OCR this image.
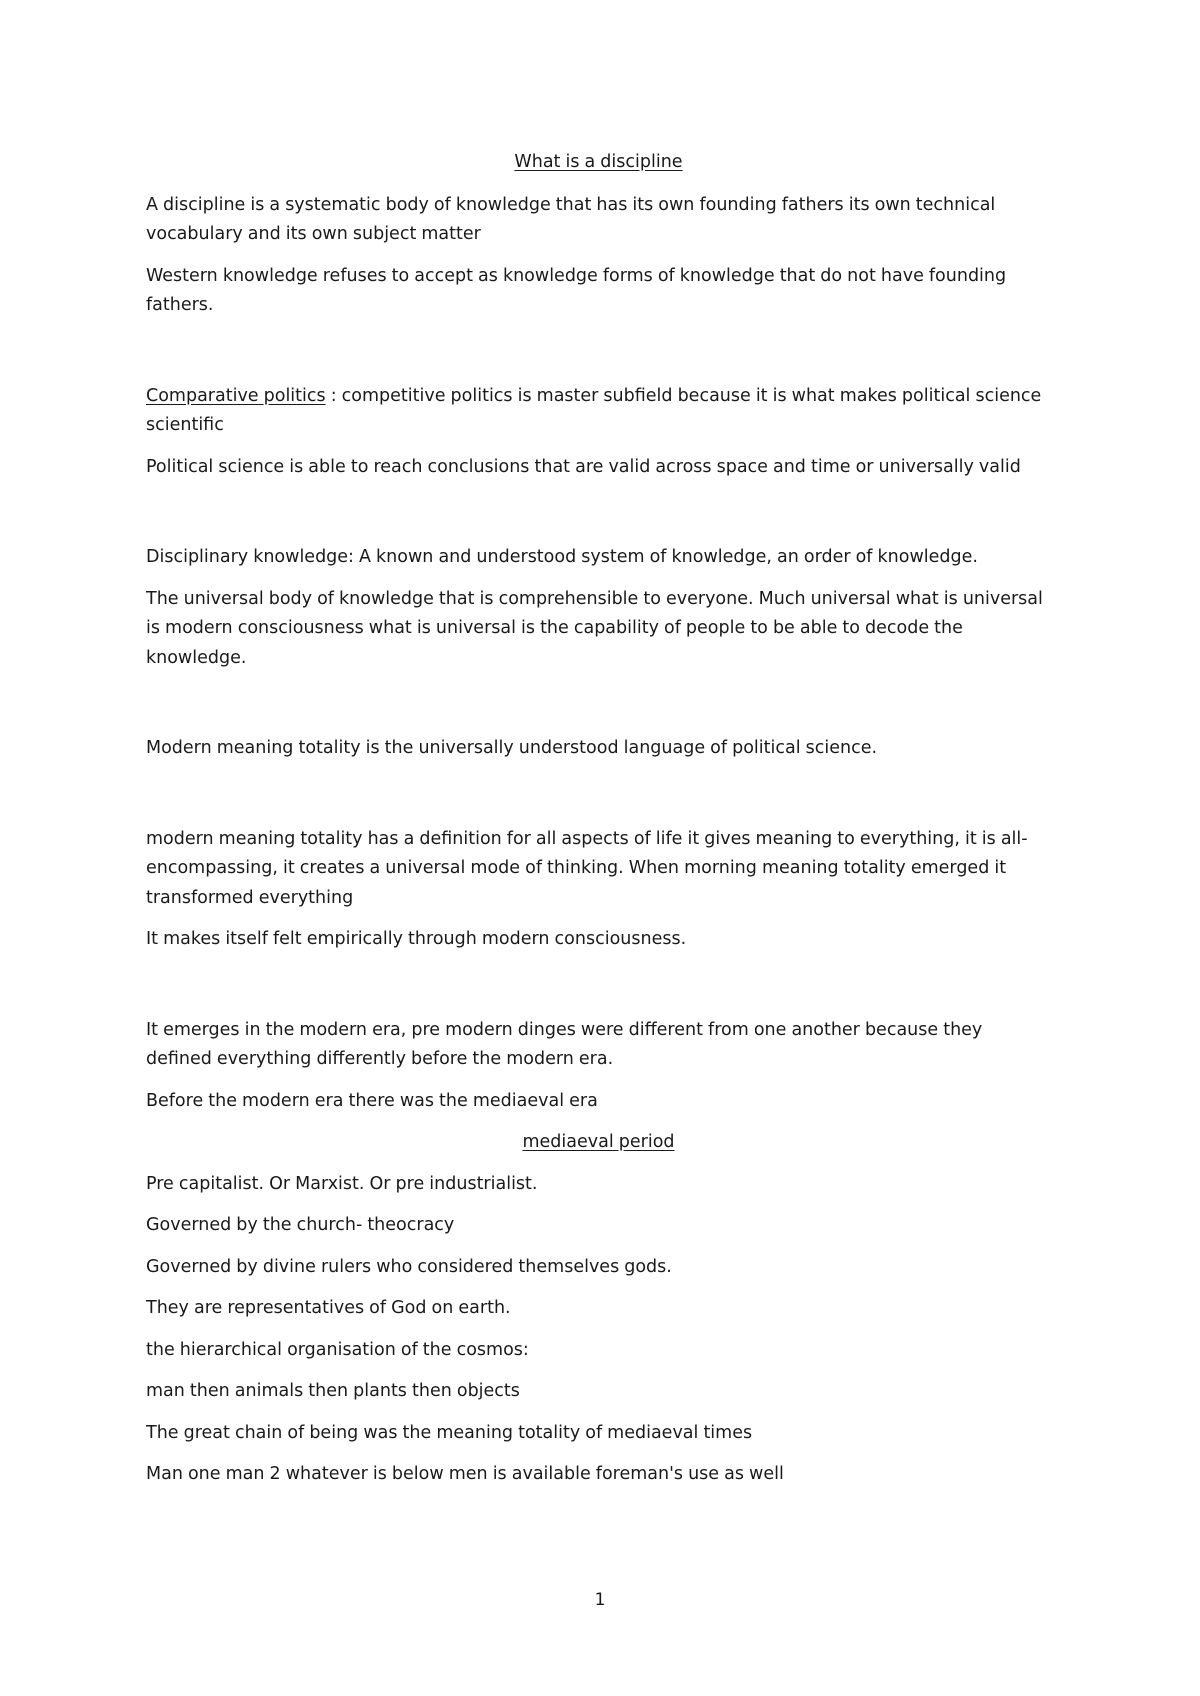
What is a discipline

A discipline is a systematic body of knowledge that has its own founding fathers its own technical vocabulary and its own subject matter

Western knowledge refuses to accept as knowledge forms of knowledge that do not have founding fathers.

Comparative politics : competitive politics is master subfield because it is what makes political science scientific

Political science is able to reach conclusions that are valid across space and time or universally valid

Disciplinary knowledge: A known and understood system of knowledge, an order of knowledge.

The universal body of knowledge that is comprehensible to everyone. Much universal what is universal is modern consciousness what is universal is the capability of people to be able to decode the knowledge.

Modern meaning totality is the universally understood language of political science.

modern meaning totality has a definition for all aspects of life it gives meaning to everything, it is all-encompassing, it creates a universal mode of thinking. When morning meaning totality emerged it transformed everything

It makes itself felt empirically through modern consciousness.

It emerges in the modern era, pre modern dinges were different from one another because they defined everything differently before the modern era.

Before the modern era there was the mediaeval era

mediaeval period

Pre capitalist. Or Marxist. Or pre industrialist.

Governed by the church- theocracy

Governed by divine rulers who considered themselves gods.

They are representatives of God on earth.

the hierarchical organisation of the cosmos:

man then animals then plants then objects

The great chain of being was the meaning totality of mediaeval times

Man one man 2 whatever is below men is available foreman's use as well

1
